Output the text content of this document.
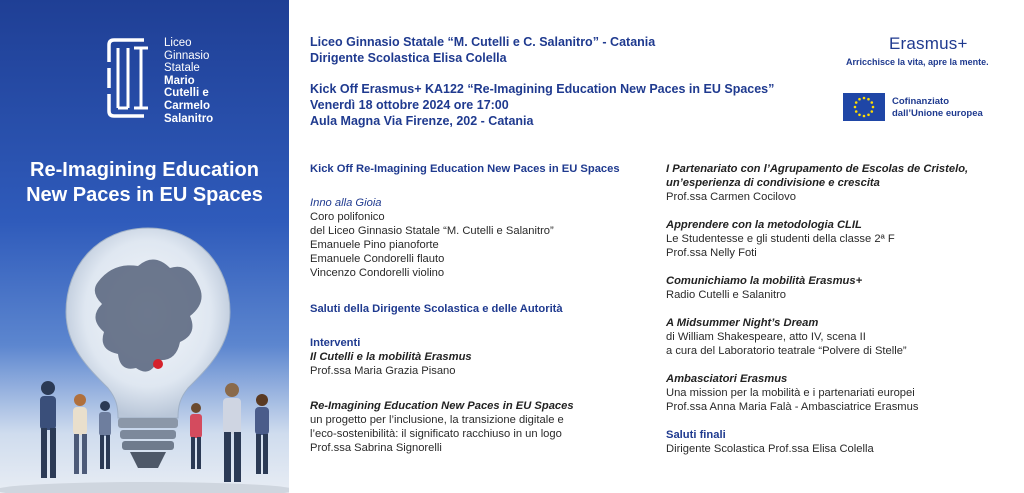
Liceo
Ginnasio
Statale
Mario
Cutelli e
Carmelo
Salanitro
Re-Imagining Education
New Paces in EU Spaces
Liceo Ginnasio Statale “M. Cutelli e C. Salanitro” - Catania
Dirigente Scolastica Elisa Colella
Kick Off Erasmus+ KA122 “Re-Imagining Education New Paces in EU Spaces”
Venerdì 18 ottobre 2024 ore 17:00
Aula Magna Via Firenze, 202 - Catania
Erasmus+
Arricchisce la vita, apre la mente.
Cofinanziato
dall’Unione europea
Kick Off Re-Imagining Education New Paces in EU Spaces
Inno alla Gioia
Coro polifonico
del Liceo Ginnasio Statale “M. Cutelli e Salanitro”
Emanuele Pino pianoforte
Emanuele Condorelli flauto
Vincenzo Condorelli violino
Saluti della Dirigente Scolastica e delle Autorità
Interventi
Il Cutelli e la mobilità Erasmus
Prof.ssa Maria Grazia Pisano
Re-Imagining Education New Paces in EU Spaces
un progetto per l’inclusione, la transizione digitale e
l’eco-sostenibilità: il significato racchiuso in un logo
Prof.ssa Sabrina Signorelli
I Partenariato con l’Agrupamento de Escolas de Cristelo,
un’esperienza di condivisione e crescita
Prof.ssa Carmen Cocilovo
Apprendere con la metodologia CLIL
Le Studentesse e gli studenti della classe 2ª F
Prof.ssa Nelly Foti
Comunichiamo la mobilità Erasmus+
Radio Cutelli e Salanitro
A Midsummer Night’s Dream
di William Shakespeare, atto IV, scena II
a cura del Laboratorio teatrale “Polvere di Stelle”
Ambasciatori Erasmus
Una mission per la mobilità e i partenariati europei
Prof.ssa Anna Maria Falà - Ambasciatrice Erasmus
Saluti finali
Dirigente Scolastica Prof.ssa Elisa Colella
